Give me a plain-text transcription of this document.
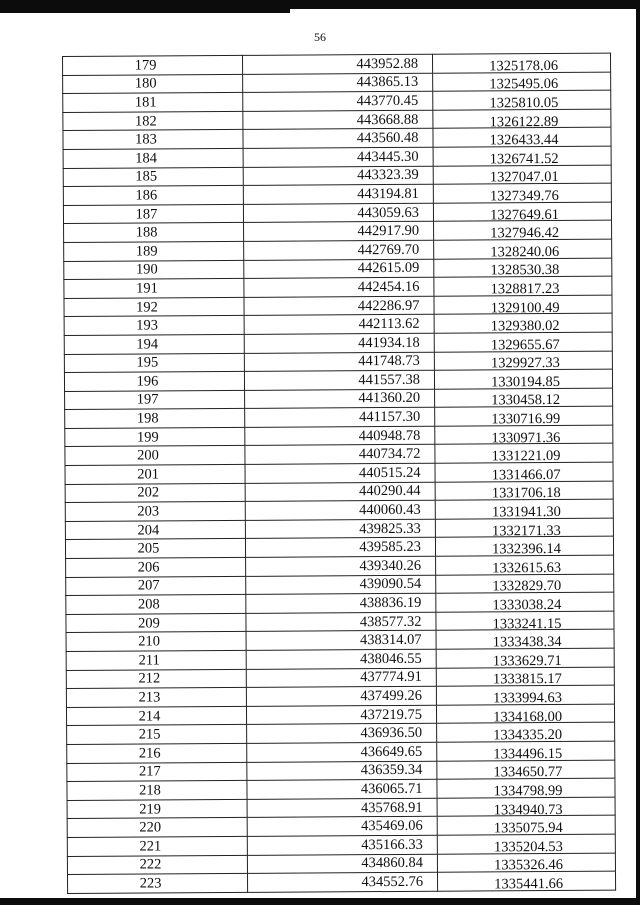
56
179	443952.88	1325178.06
180	443865.13	1325495.06
181	443770.45	1325810.05
182	443668.88	1326122.89
183	443560.48	1326433.44
184	443445.30	1326741.52
185	443323.39	1327047.01
186	443194.81	1327349.76
187	443059.63	1327649.61
188	442917.90	1327946.42
189	442769.70	1328240.06
190	442615.09	1328530.38
191	442454.16	1328817.23
192	442286.97	1329100.49
193	442113.62	1329380.02
194	441934.18	1329655.67
195	441748.73	1329927.33
196	441557.38	1330194.85
197	441360.20	1330458.12
198	441157.30	1330716.99
199	440948.78	1330971.36
200	440734.72	1331221.09
201	440515.24	1331466.07
202	440290.44	1331706.18
203	440060.43	1331941.30
204	439825.33	1332171.33
205	439585.23	1332396.14
206	439340.26	1332615.63
207	439090.54	1332829.70
208	438836.19	1333038.24
209	438577.32	1333241.15
210	438314.07	1333438.34
211	438046.55	1333629.71
212	437774.91	1333815.17
213	437499.26	1333994.63
214	437219.75	1334168.00
215	436936.50	1334335.20
216	436649.65	1334496.15
217	436359.34	1334650.77
218	436065.71	1334798.99
219	435768.91	1334940.73
220	435469.06	1335075.94
221	435166.33	1335204.53
222	434860.84	1335326.46
223	434552.76	1335441.66
